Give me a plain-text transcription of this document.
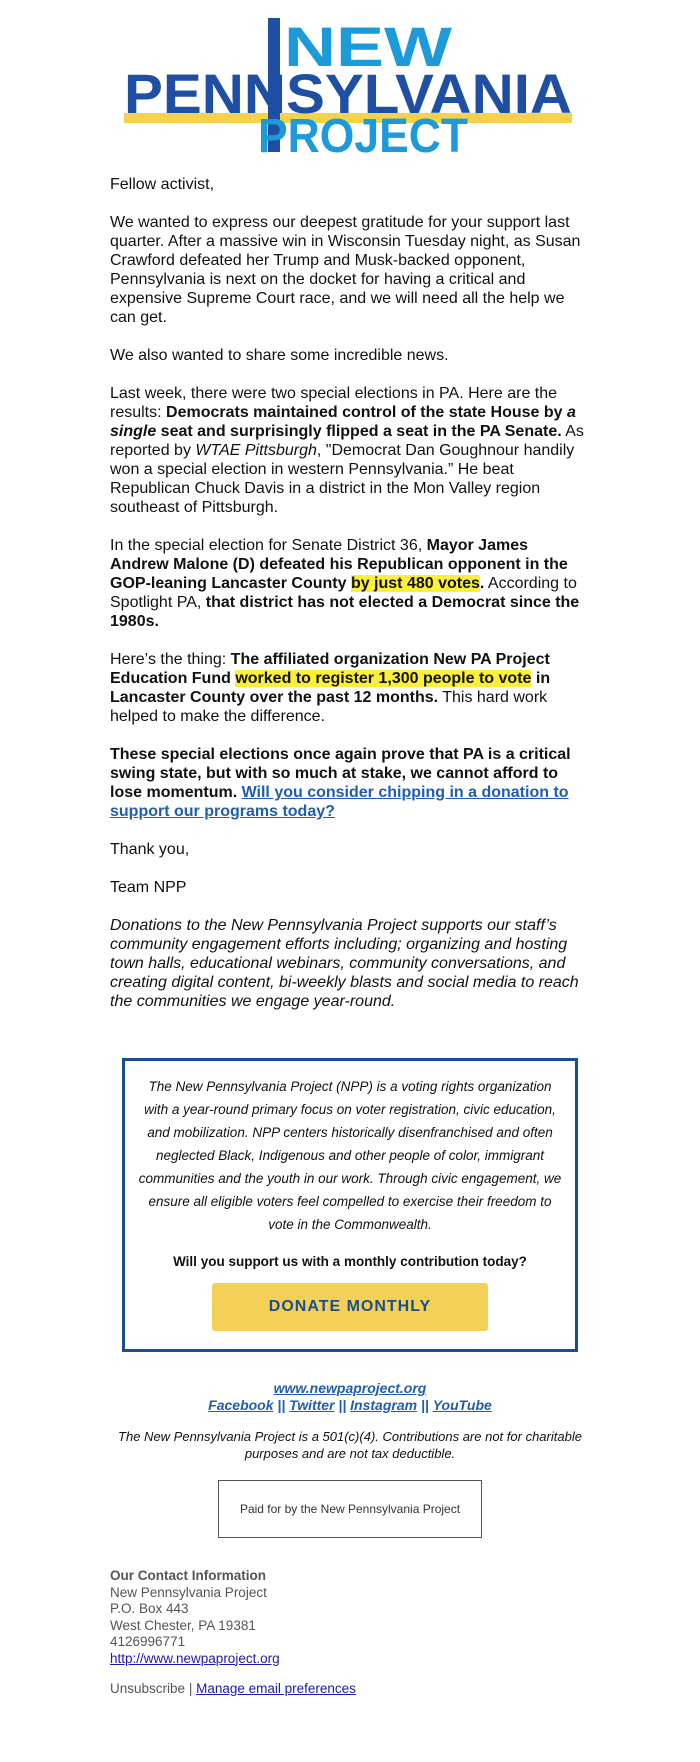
NEW
PENNSYLVANIA
PROJECT

Fellow activist,

We wanted to express our deepest gratitude for your support last quarter. After a massive win in Wisconsin Tuesday night, as Susan Crawford defeated her Trump and Musk-backed opponent, Pennsylvania is next on the docket for having a critical and expensive Supreme Court race, and we will need all the help we can get.

We also wanted to share some incredible news.

Last week, there were two special elections in PA. Here are the results: Democrats maintained control of the state House by a single seat and surprisingly flipped a seat in the PA Senate. As reported by WTAE Pittsburgh, "Democrat Dan Goughnour handily won a special election in western Pennsylvania.” He beat Republican Chuck Davis in a district in the Mon Valley region southeast of Pittsburgh.

In the special election for Senate District 36, Mayor James Andrew Malone (D) defeated his Republican opponent in the GOP-leaning Lancaster County by just 480 votes. According to Spotlight PA, that district has not elected a Democrat since the 1980s.

Here’s the thing: The affiliated organization New PA Project Education Fund worked to register 1,300 people to vote in Lancaster County over the past 12 months. This hard work helped to make the difference.

These special elections once again prove that PA is a critical swing state, but with so much at stake, we cannot afford to lose momentum. Will you consider chipping in a donation to support our programs today?

Thank you,

Team NPP

Donations to the New Pennsylvania Project supports our staff’s community engagement efforts including; organizing and hosting town halls, educational webinars, community conversations, and creating digital content, bi-weekly blasts and social media to reach the communities we engage year-round.

The New Pennsylvania Project (NPP) is a voting rights organization with a year-round primary focus on voter registration, civic education, and mobilization. NPP centers historically disenfranchised and often neglected Black, Indigenous and other people of color, immigrant communities and the youth in our work. Through civic engagement, we ensure all eligible voters feel compelled to exercise their freedom to vote in the Commonwealth.

Will you support us with a monthly contribution today?

DONATE MONTHLY
www.newpaproject.org
Facebook || Twitter || Instagram || YouTube
The New Pennsylvania Project is a 501(c)(4). Contributions are not for charitable purposes and are not tax deductible.
Paid for by the New Pennsylvania Project
Our Contact Information
New Pennsylvania Project
P.O. Box 443
West Chester, PA 19381
4126996771
http://www.newpaproject.org
Unsubscribe | Manage email preferences
